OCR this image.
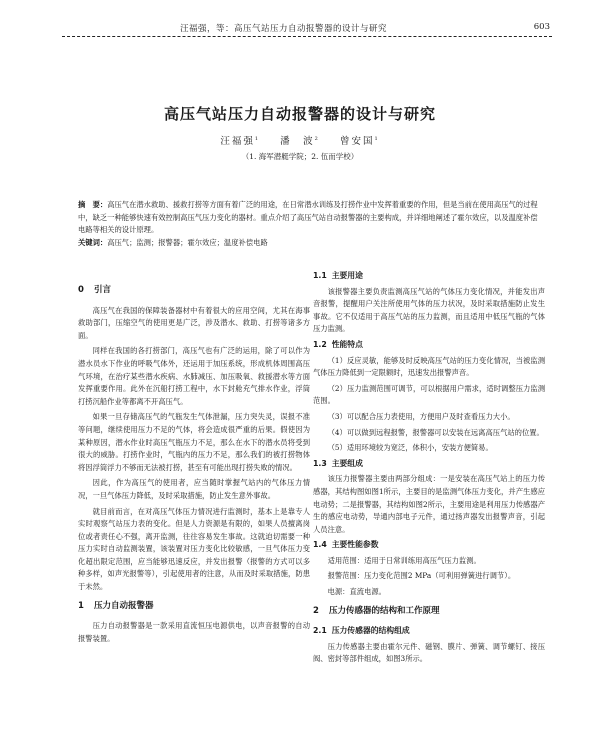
汪福强，等：高压气站压力自动报警器的设计与研究	603
高压气站压力自动报警器的设计与研究
汪福强$^1$ 潘　波$^2$ 曾安国$^1$
（1. 海军潜艇学院；2. 伍而学校）
摘　要：高压气在潜水救助、援救打捞等方面有着广泛的用途，在日常潜水训练及打捞作业中发挥着重要的作用，但是当前在使用高压气的过程中，缺乏一种能够快速有效控制高压气压力变化的器材。重点介绍了高压气站自动报警器的主要构成，并详细地阐述了霍尔效应，以及温度补偿电路等相关的设计原理。
关键词：高压气；监测；报警器；霍尔效应；温度补偿电路
0 引言

高压气在我国的保障装备器材中有着很大的应用空间，尤其在海事救助部门，压缩空气的使用更是广泛，涉及潜水、救助、打捞等诸多方面。

同样在我国的各打捞部门，高压气也有广泛的运用，除了可以作为潜水员水下作业的呼吸气体外，还运用于加压系统，形成机体周围高压气环境，在治疗某些潜水疾病、水肺减压、加压吸氧、救援潜水等方面发挥重要作用。此外在沉船打捞工程中，水下封舱充气排水作业，浮筒打捞沉船作业等都离不开高压气。

如果一旦存储高压气的气瓶发生气体泄漏，压力突失灵，误报不准等问题，继续使用压力不足的气体，将会造成很严重的后果。假使因为某种原因，潜水作业时高压气瓶压力不足，那么在水下的潜水员将受到很大的威胁。打捞作业时，气瓶内的压力不足，那么我们的被打捞物体将因浮筒浮力不够而无法被打捞，甚至有可能出现打捞失败的情况。

因此，作为高压气的使用者，应当随时掌握气站内的气体压力情况，一旦气体压力降低，及时采取措施，防止发生意外事故。

就目前而言，在对高压气体压力情况进行监测时，基本上是靠专人实时观察气站压力表的变化。但是人力资源是有限的，如果人员擅离岗位或者责任心不强，离开监测，往往容易发生事故。这就迫切需要一种压力实时自动监测装置，该装置对压力变化比较敏感，一旦气体压力变化超出限定范围，应当能够迅速反应，并发出报警（报警的方式可以多种多样，如声光报警等），引起使用者的注意，从而及时采取措施，防患于未然。

1 压力自动报警器

压力自动报警器是一款采用直流恒压电源供电，以声音报警的自动报警装置。

1.1 主要用途

该报警器主要负责监测高压气站的气体压力变化情况，并能发出声音报警，提醒用户关注所使用气体的压力状况，及时采取措施防止发生事故。它不仅适用于高压气站的压力监测，而且适用中低压气瓶的气体压力监测。

1.2 性能特点

（1）反应灵敏，能够及时反映高压气站的压力变化情况，当被监测气体压力降低到一定限额时，迅速发出报警声音。

（2）压力监测范围可调节，可以根据用户需求，适时调整压力监测范围。

（3）可以配合压力表使用，方便用户及时查看压力大小。

（4）可以做到远程报警，报警器可以安装在远离高压气站的位置。

（5）适用环境较为宽泛，体积小，安装方便简易。

1.3 主要组成

该压力报警器主要由两部分组成：一是安装在高压气站上的压力传感器，其结构图如图1所示，主要目的是监测气体压力变化，并产生感应电动势；二是报警器，其结构如图2所示，主要用途是利用压力传感器产生的感应电动势，导通内部电子元件，通过扬声器发出报警声音，引起人员注意。

1.4 主要性能参数

适用范围：适用于日常训练用高压气压力监测。

报警范围：压力变化范围2 MPa（可利用弹簧进行调节）。

电源：直流电源。

2 压力传感器的结构和工作原理
2.1 压力传感器的结构组成

压力传感器主要由霍尔元件、磁钢、膜片、弹簧、调节螺钉、接压阀、密封等部件组成，如图3所示。
